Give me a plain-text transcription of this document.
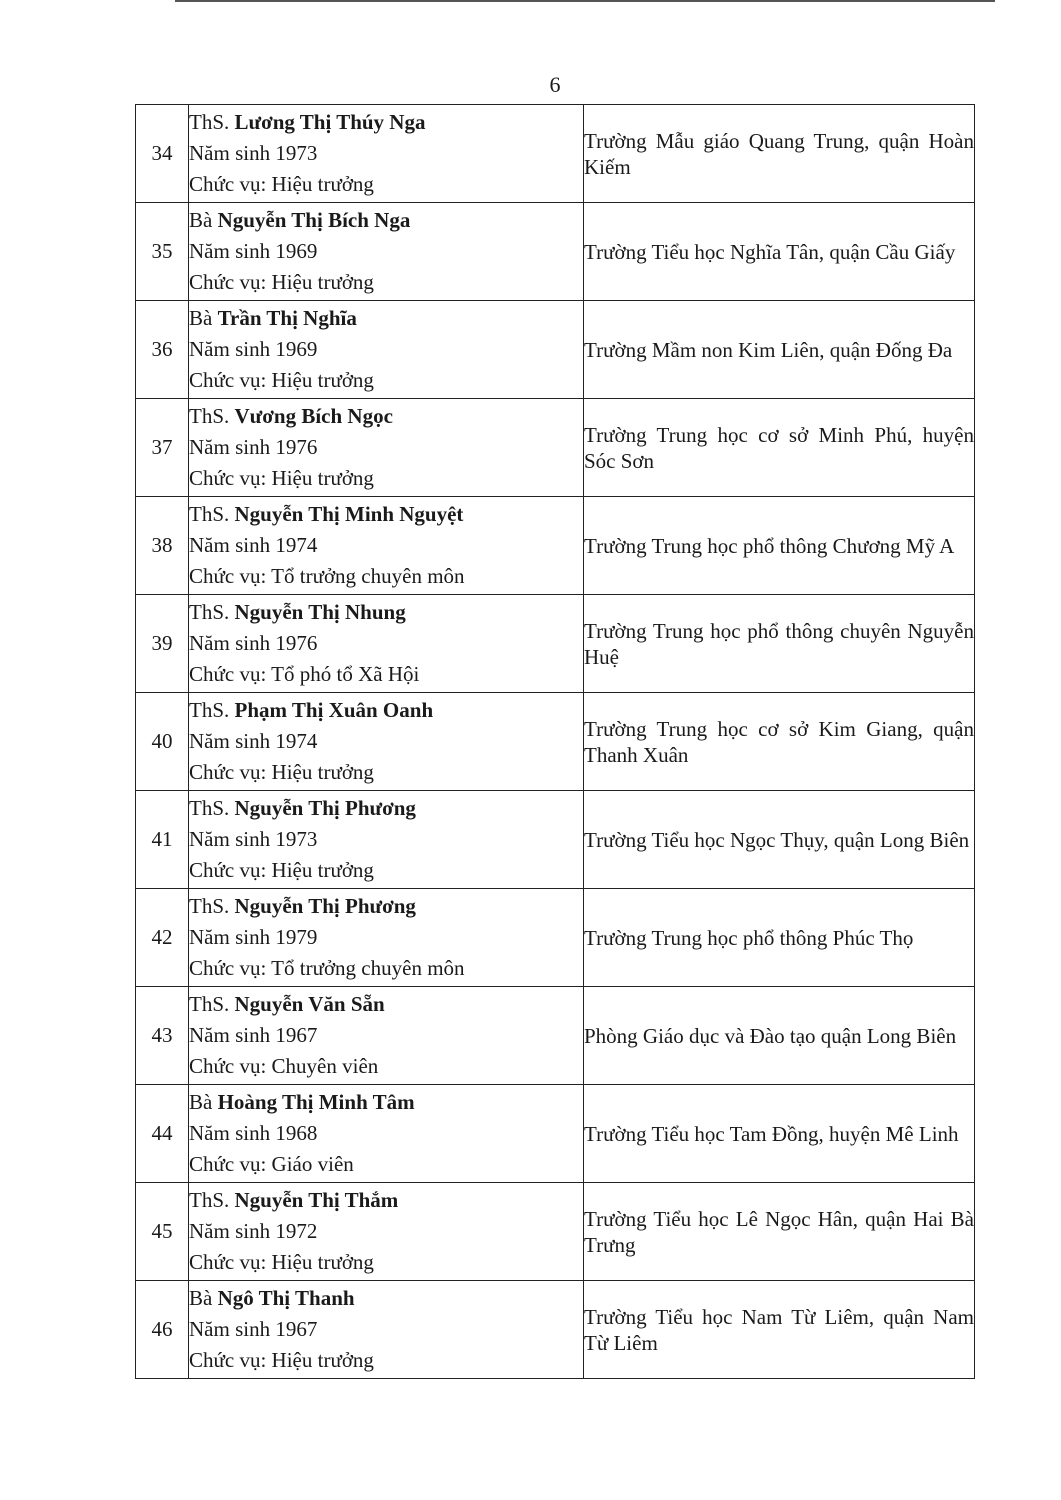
6
34	ThS. Lương Thị Thúy Nga
Năm sinh 1973
Chức vụ: Hiệu trưởng	Trường Mẫu giáo Quang Trung, quận Hoàn Kiếm
35	Bà Nguyễn Thị Bích Nga
Năm sinh 1969
Chức vụ: Hiệu trưởng	Trường Tiểu học Nghĩa Tân, quận Cầu Giấy
36	Bà Trần Thị Nghĩa
Năm sinh 1969
Chức vụ: Hiệu trưởng	Trường Mầm non Kim Liên, quận Đống Đa
37	ThS. Vương Bích Ngọc
Năm sinh 1976
Chức vụ: Hiệu trưởng	Trường Trung học cơ sở Minh Phú, huyện Sóc Sơn
38	ThS. Nguyễn Thị Minh Nguyệt
Năm sinh 1974
Chức vụ: Tổ trưởng chuyên môn	Trường Trung học phổ thông Chương Mỹ A
39	ThS. Nguyễn Thị Nhung
Năm sinh 1976
Chức vụ: Tổ phó tổ Xã Hội	Trường Trung học phổ thông chuyên Nguyễn Huệ
40	ThS. Phạm Thị Xuân Oanh
Năm sinh 1974
Chức vụ: Hiệu trưởng	Trường Trung học cơ sở Kim Giang, quận Thanh Xuân
41	ThS. Nguyễn Thị Phương
Năm sinh 1973
Chức vụ: Hiệu trưởng	Trường Tiểu học Ngọc Thụy, quận Long Biên
42	ThS. Nguyễn Thị Phương
Năm sinh 1979
Chức vụ: Tổ trưởng chuyên môn	Trường Trung học phổ thông Phúc Thọ
43	ThS. Nguyễn Văn Sẵn
Năm sinh 1967
Chức vụ: Chuyên viên	Phòng Giáo dục và Đào tạo quận Long Biên
44	Bà Hoàng Thị Minh Tâm
Năm sinh 1968
Chức vụ: Giáo viên	Trường Tiểu học Tam Đồng, huyện Mê Linh
45	ThS. Nguyễn Thị Thắm
Năm sinh 1972
Chức vụ: Hiệu trưởng	Trường Tiểu học Lê Ngọc Hân, quận Hai Bà Trưng
46	Bà Ngô Thị Thanh
Năm sinh 1967
Chức vụ: Hiệu trưởng	Trường Tiểu học Nam Từ Liêm, quận Nam Từ Liêm
